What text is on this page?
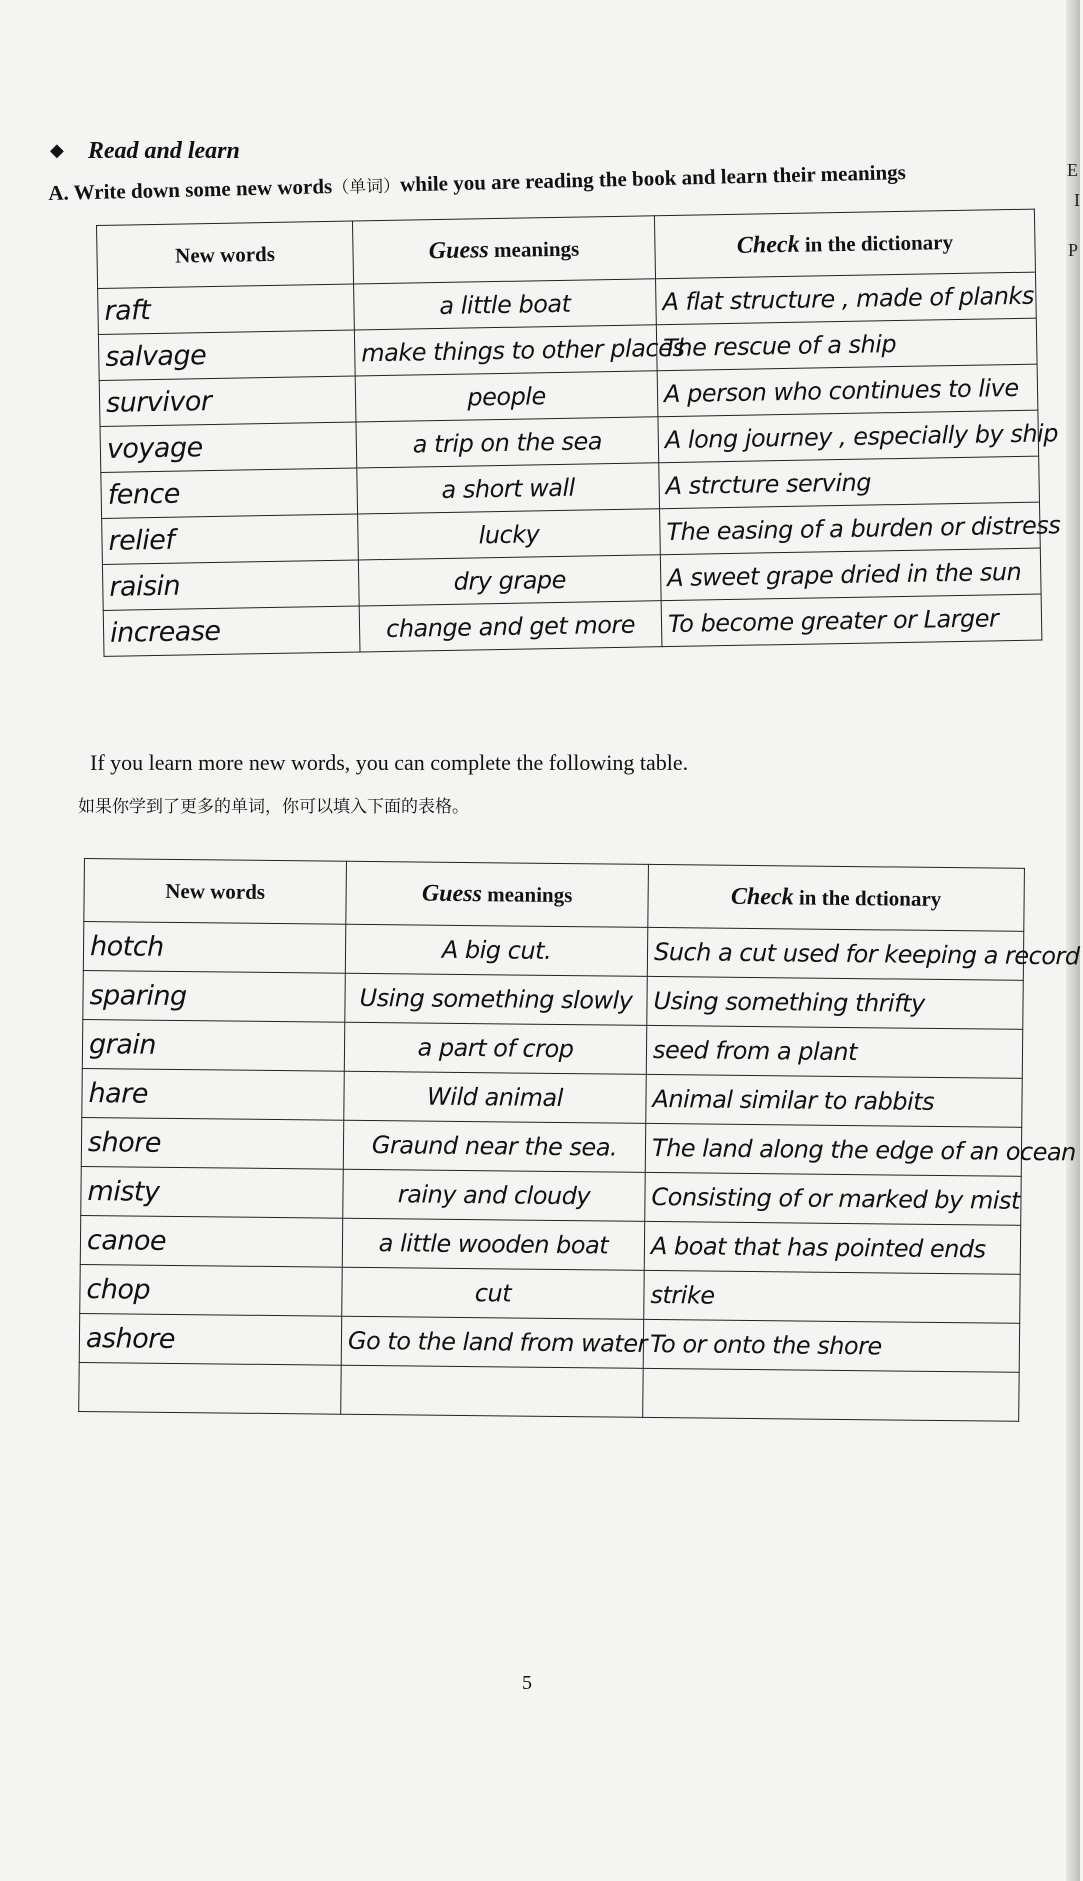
E
I
P
◆ Read and learn
A. Write down some new words（单词）while you are reading the book and learn their meanings
New words	Guess meanings	Check in the dictionary
raft	a little boat	A flat structure , made of planks
salvage	make things to other places	The rescue of a ship
survivor	people	A person who continues to live
voyage	a trip on the sea	A long journey , especially by ship
fence	a short wall	A strcture serving
relief	lucky	The easing of a burden or distress
raisin	dry grape	A sweet grape dried in the sun
increase	change and get more	To become greater or Larger
If you learn more new words, you can complete the following table.
如果你学到了更多的单词，你可以填入下面的表格。
New words	Guess meanings	Check in the dctionary
hotch	A big cut.	Such a cut used for keeping a record
sparing	Using something slowly	Using something thrifty
grain	a part of crop	seed from a plant
hare	Wild animal	Animal similar to rabbits
shore	Graund near the sea.	The land along the edge of an ocean
misty	rainy and cloudy	Consisting of or marked by mist
canoe	a little wooden boat	A boat that has pointed ends
chop	cut	strike
ashore	Go to the land from water	To or onto the shore

5
